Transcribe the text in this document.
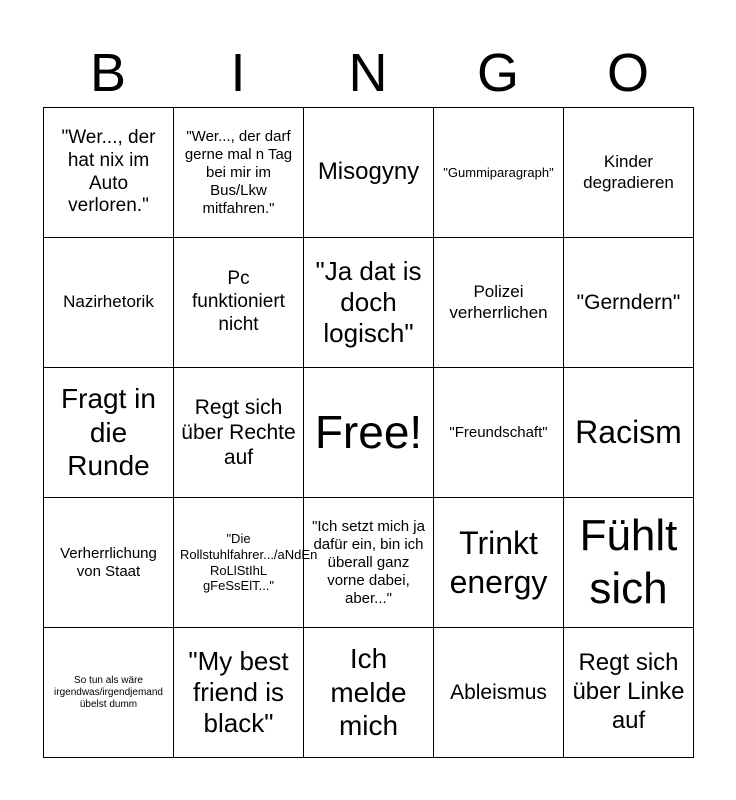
B	I	N	G	O
"Wer..., der hat nix im Auto verloren."	"Wer..., der darf gerne mal n Tag bei mir im Bus/Lkw mitfahren."	Misogyny	"Gummiparagraph"	Kinder degradieren

Nazirhetorik	Pc funktioniert nicht	"Ja dat is doch logisch"	Polizei verherrlichen	"Gerndern"

Fragt in die Runde	Regt sich über Rechte auf	Free!	"Freundschaft"	Racism

Verherrlichung von Staat	"Die Rollstuhlfahrer.../aNdEn RoLlStIhL gFeSsElT..."	"Ich setzt mich ja dafür ein, bin ich überall ganz vorne dabei, aber..."	Trinkt energy	Fühlt sich

So tun als wäre irgendwas/irgendjemand übelst dumm	"My best friend is black"	Ich melde mich	Ableismus	Regt sich über Linke auf
